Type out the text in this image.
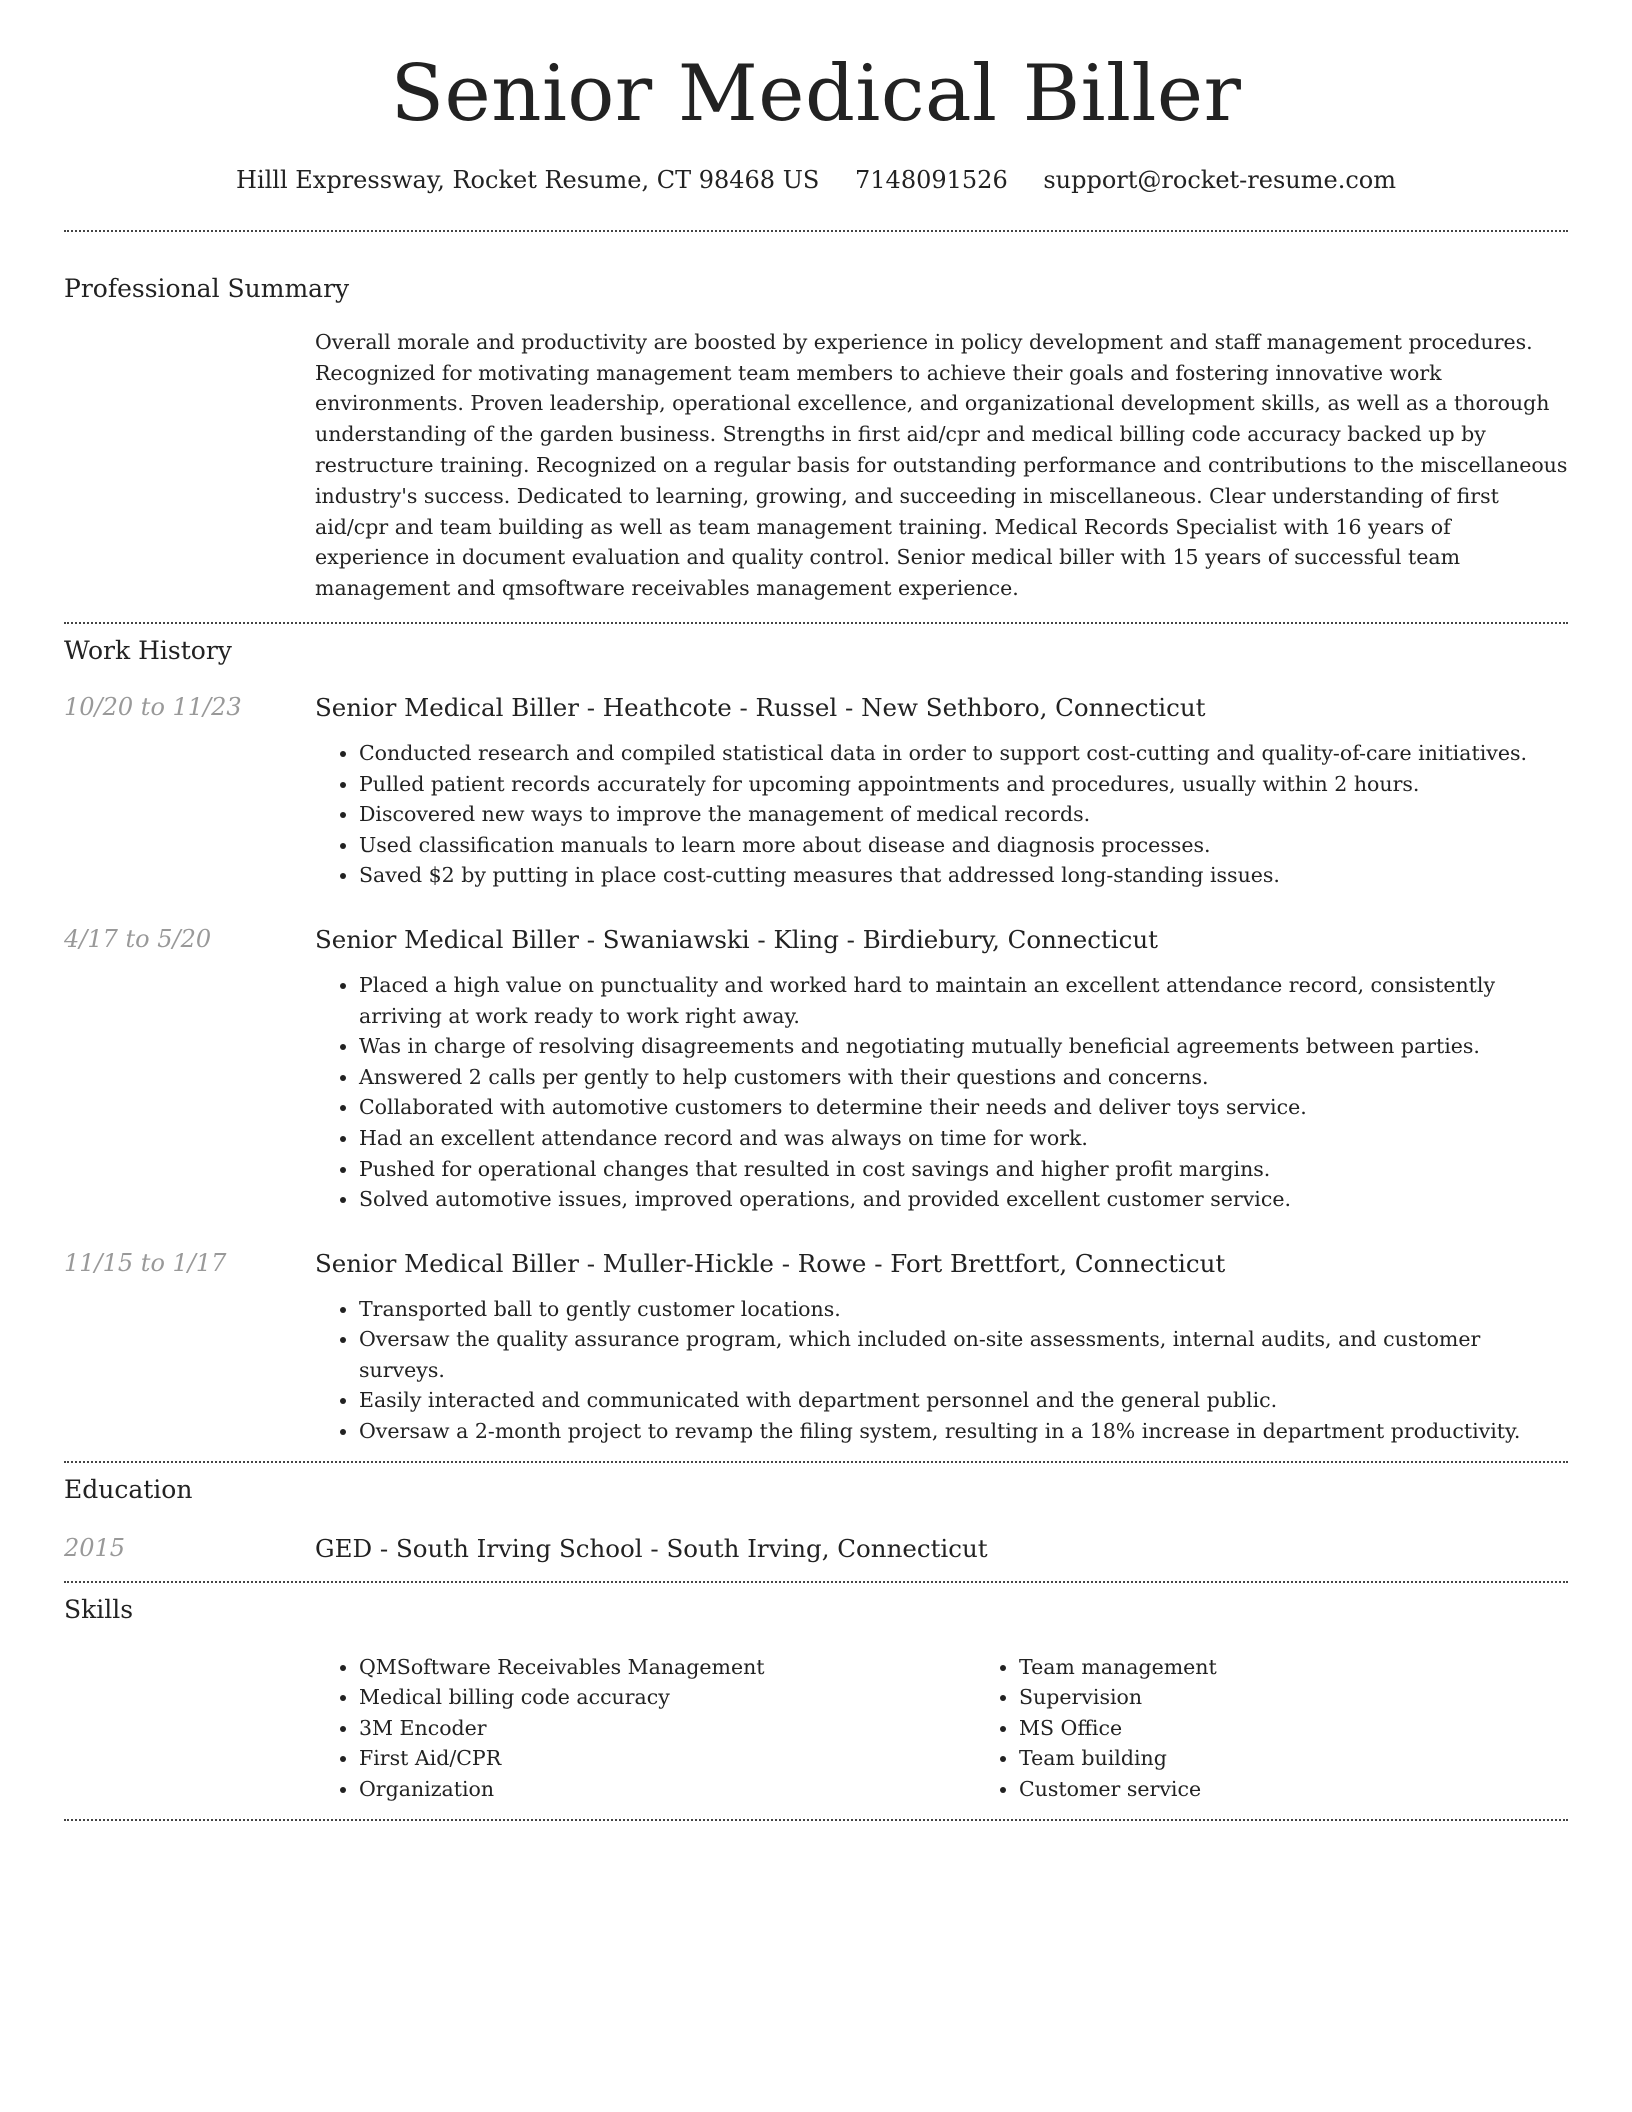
Senior Medical Biller
Hilll Expressway, Rocket Resume, CT 98468 US 7148091526 support@rocket-resume.com
Professional Summary

Overall morale and productivity are boosted by experience in policy development and staff management procedures. Recognized for motivating management team members to achieve their goals and fostering innovative work environments. Proven leadership, operational excellence, and organizational development skills, as well as a thorough understanding of the garden business. Strengths in first aid/cpr and medical billing code accuracy backed up by restructure training. Recognized on a regular basis for outstanding performance and contributions to the miscellaneous industry's success. Dedicated to learning, growing, and succeeding in miscellaneous. Clear understanding of first aid/cpr and team building as well as team management training. Medical Records Specialist with 16 years of experience in document evaluation and quality control. Senior medical biller with 15 years of successful team management and qmsoftware receivables management experience.

Work History
10/20 to 11/23	Senior Medical Biller - Heathcote - Russel - New Sethboro, Connecticut
• Conducted research and compiled statistical data in order to support cost-cutting and quality-of-care initiatives.
• Pulled patient records accurately for upcoming appointments and procedures, usually within 2 hours.
• Discovered new ways to improve the management of medical records.
• Used classification manuals to learn more about disease and diagnosis processes.
• Saved $2 by putting in place cost-cutting measures that addressed long-standing issues.
4/17 to 5/20	Senior Medical Biller - Swaniawski - Kling - Birdiebury, Connecticut
• Placed a high value on punctuality and worked hard to maintain an excellent attendance record, consistently arriving at work ready to work right away.
• Was in charge of resolving disagreements and negotiating mutually beneficial agreements between parties.
• Answered 2 calls per gently to help customers with their questions and concerns.
• Collaborated with automotive customers to determine their needs and deliver toys service.
• Had an excellent attendance record and was always on time for work.
• Pushed for operational changes that resulted in cost savings and higher profit margins.
• Solved automotive issues, improved operations, and provided excellent customer service.
11/15 to 1/17	Senior Medical Biller - Muller-Hickle - Rowe - Fort Brettfort, Connecticut
• Transported ball to gently customer locations.
• Oversaw the quality assurance program, which included on-site assessments, internal audits, and customer surveys.
• Easily interacted and communicated with department personnel and the general public.
• Oversaw a 2-month project to revamp the filing system, resulting in a 18% increase in department productivity.
Education
2015	GED - South Irving School - South Irving, Connecticut
Skills
• QMSoftware Receivables Management
• Medical billing code accuracy
• 3M Encoder
• First Aid/CPR
• Organization
• Team management
• Supervision
• MS Office
• Team building
• Customer service
